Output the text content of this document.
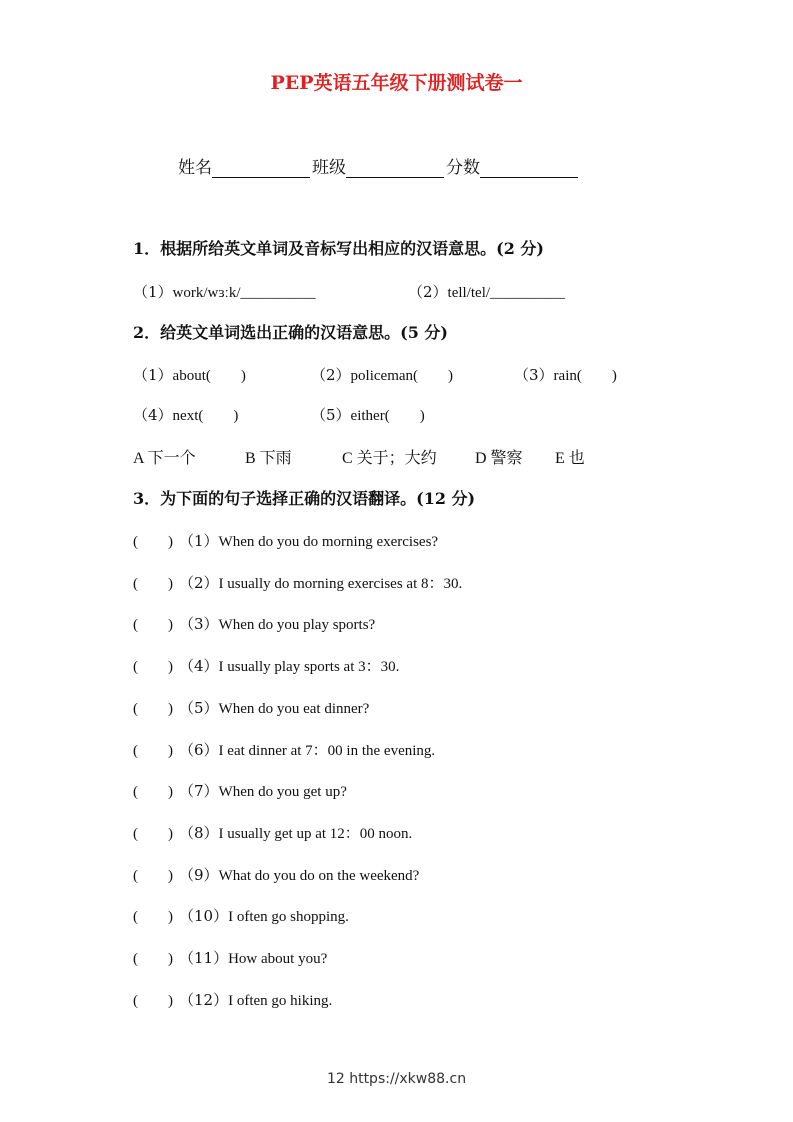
PEP英语五年级下册测试卷一
姓名	班级	分数
1．根据所给英文单词及音标写出相应的汉语意思。(2 分)
（1）work/wɜːk/__________	（2）tell/tel/__________
2．给英文单词选出正确的汉语意思。(5 分)
（1）about(　　)	（2）policeman(　　)	（3）rain(　　)
（4）next(　　)	（5）either(　　)
A 下一个	B 下雨	C 关于；大约 D 警察 E 也
3．为下面的句子选择正确的汉语翻译。(12 分)
(　　) （1）When do you do morning exercises?
(　　) （2）I usually do morning exercises at 8：30.
(　　) （3）When do you play sports?
(　　) （4）I usually play sports at 3：30.
(　　) （5）When do you eat dinner?
(　　) （6）I eat dinner at 7：00 in the evening.
(　　) （7）When do you get up?
(　　) （8）I usually get up at 12：00 noon.
(　　) （9）What do you do on the weekend?
(　　) （10）I often go shopping.
(　　) （11）How about you?
(　　) （12）I often go hiking.
12 https://xkw88.cn
